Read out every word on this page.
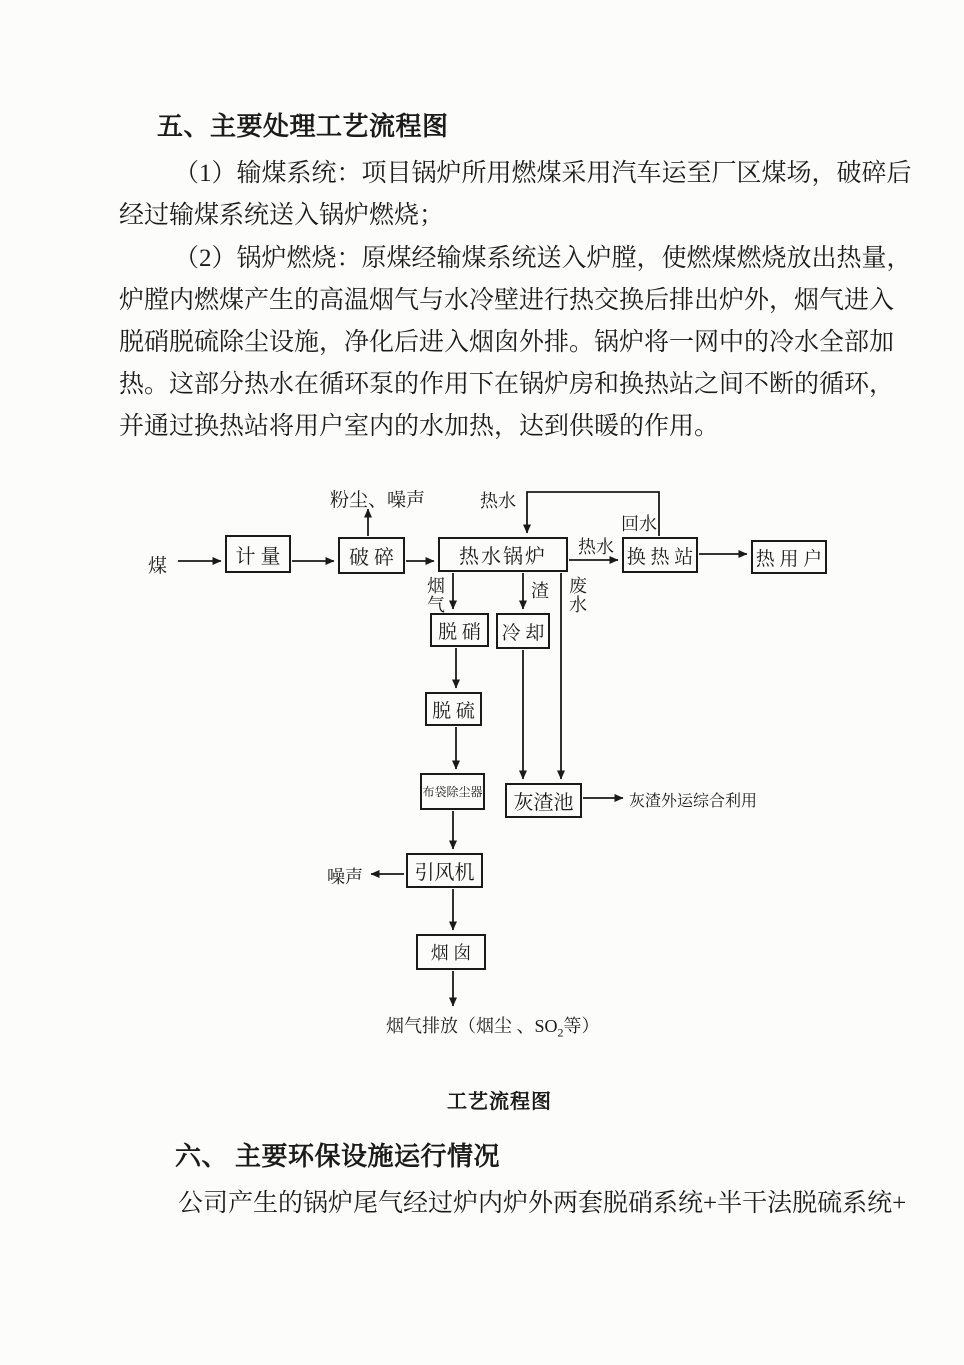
五、主要处理工艺流程图
（1）输煤系统：项目锅炉所用燃煤采用汽车运至厂区煤场，破碎后
经过输煤系统送入锅炉燃烧；
（2）锅炉燃烧：原煤经输煤系统送入炉膛，使燃煤燃烧放出热量，
炉膛内燃煤产生的高温烟气与水冷壁进行热交换后排出炉外，烟气进入
脱硝脱硫除尘设施，净化后进入烟囱外排。锅炉将一网中的冷水全部加
热。这部分热水在循环泵的作用下在锅炉房和换热站之间不断的循环，
并通过换热站将用户室内的水加热，达到供暖的作用。
计 量	破 碎	热水锅炉	换 热 站	热 用 户
脱 硝	冷 却
脱 硫
布袋除尘器	灰渣池
引风机
烟 囱
煤
粉尘、噪声	热水
回水
热水
烟气
渣 废水
噪声
灰渣外运综合利用
烟气排放（烟尘 、$SO_2$等）
工艺流程图
六、 主要环保设施运行情况
公司产生的锅炉尾气经过炉内炉外两套脱硝系统+半干法脱硫系统+
